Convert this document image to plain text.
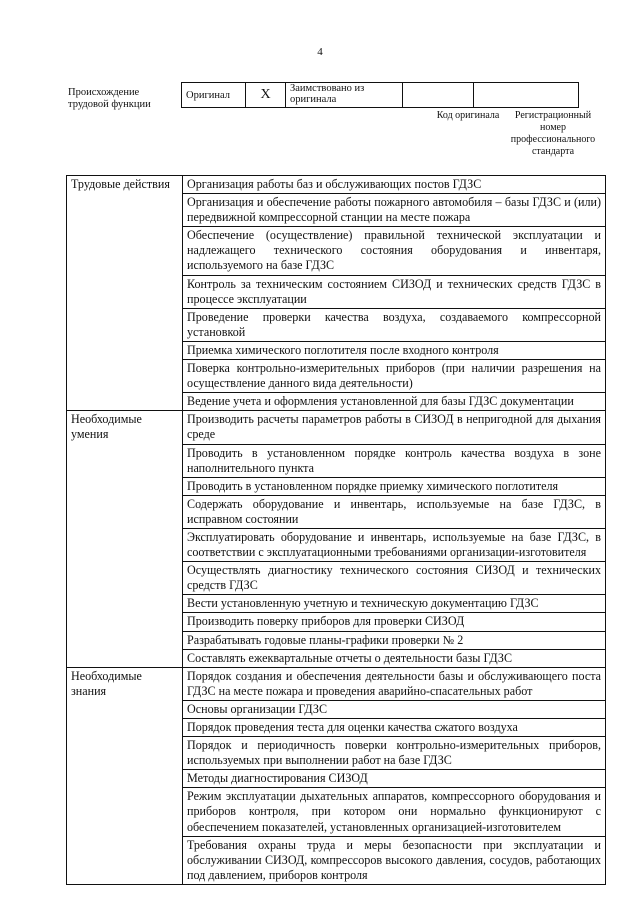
4
Происхождение трудовой функции
Оригинал	X	Заимствовано из оригинала		
Код оригинала	Регистрационный номер профессионального стандарта
Трудовые действия	Организация работы баз и обслуживающих постов ГДЗС
	Организация и обеспечение работы пожарного автомобиля – базы ГДЗС и (или) передвижной компрессорной станции на месте пожара
	Обеспечение (осуществление) правильной технической эксплуатации и надлежащего технического состояния оборудования и инвентаря, используемого на базе ГДЗС
	Контроль за техническим состоянием СИЗОД и технических средств ГДЗС в процессе эксплуатации
	Проведение проверки качества воздуха, создаваемого компрессорной установкой
	Приемка химического поглотителя после входного контроля
	Поверка контрольно-измерительных приборов (при наличии разрешения на осуществление данного вида деятельности)
	Ведение учета и оформления установленной для базы ГДЗС документации
Необходимые умения	Производить расчеты параметров работы в СИЗОД в непригодной для дыхания среде
	Проводить в установленном порядке контроль качества воздуха в зоне наполнительного пункта
	Проводить в установленном порядке приемку химического поглотителя
	Содержать оборудование и инвентарь, используемые на базе ГДЗС, в исправном состоянии
	Эксплуатировать оборудование и инвентарь, используемые на базе ГДЗС, в соответствии с эксплуатационными требованиями организации-изготовителя
	Осуществлять диагностику технического состояния СИЗОД и технических средств ГДЗС
	Вести установленную учетную и техническую документацию ГДЗС
	Производить поверку приборов для проверки СИЗОД
	Разрабатывать годовые планы-графики проверки № 2
	Составлять ежеквартальные отчеты о деятельности базы ГДЗС
Необходимые знания	Порядок создания и обеспечения деятельности базы и обслуживающего поста ГДЗС на месте пожара и проведения аварийно-спасательных работ
	Основы организации ГДЗС
	Порядок проведения теста для оценки качества сжатого воздуха
	Порядок и периодичность поверки контрольно-измерительных приборов, используемых при выполнении работ на базе ГДЗС
	Методы диагностирования СИЗОД
	Режим эксплуатации дыхательных аппаратов, компрессорного оборудования и приборов контроля, при котором они нормально функционируют с обеспечением показателей, установленных организацией-изготовителем
	Требования охраны труда и меры безопасности при эксплуатации и обслуживании СИЗОД, компрессоров высокого давления, сосудов, работающих под давлением, приборов контроля
